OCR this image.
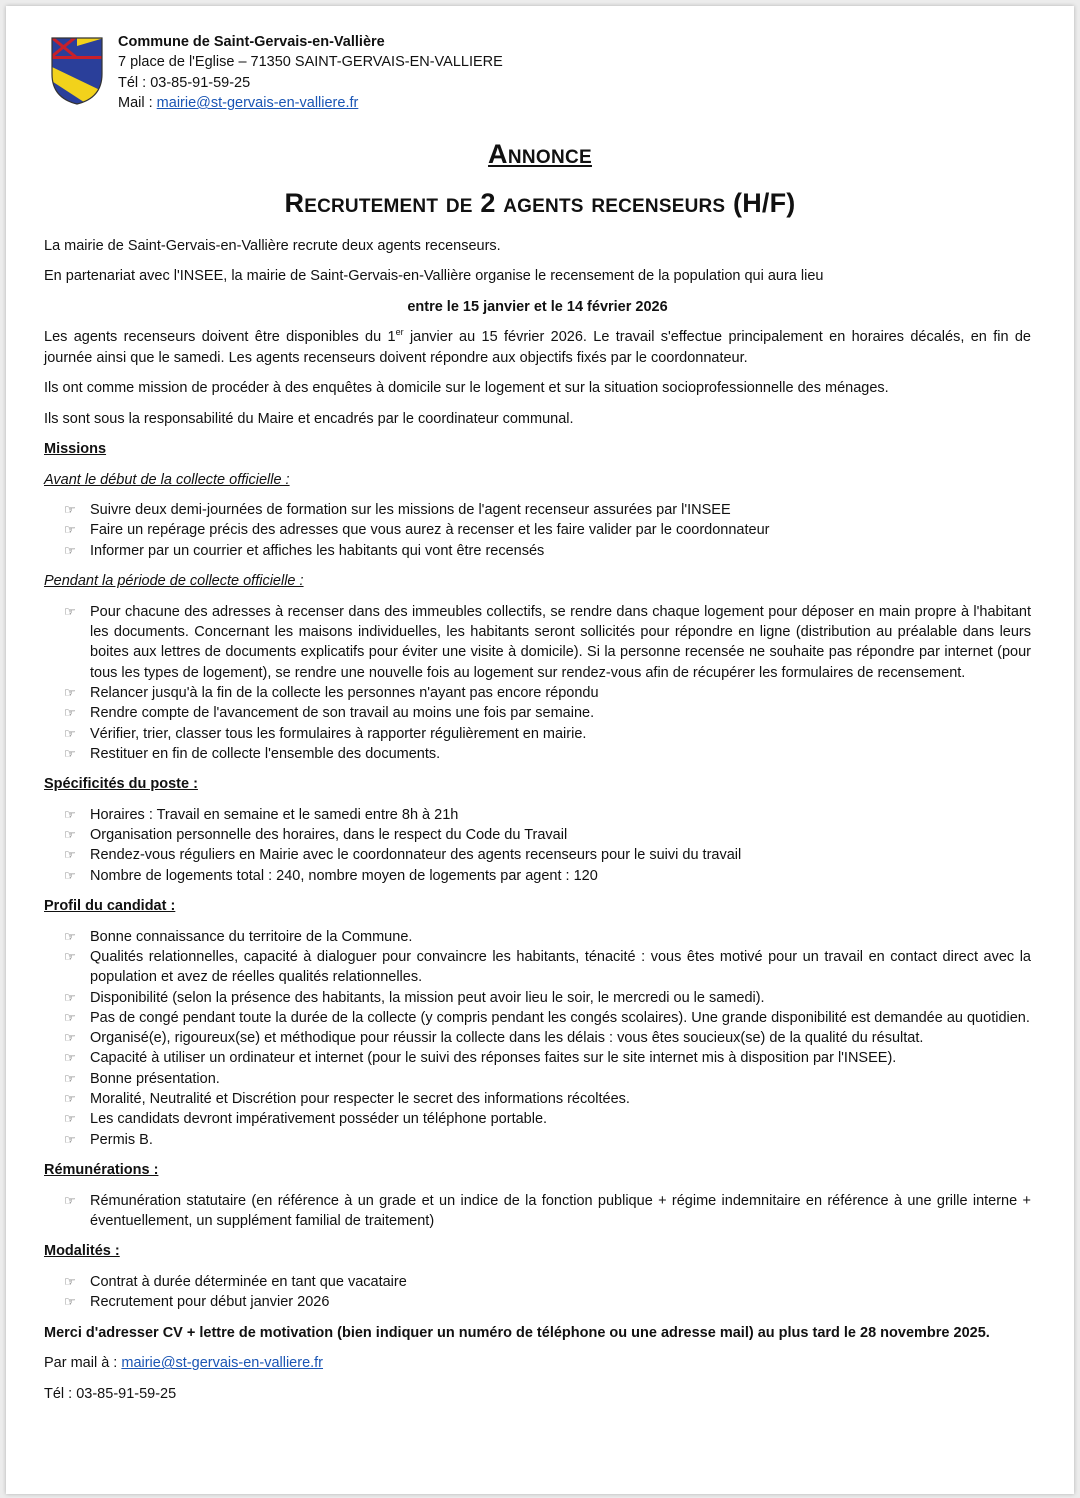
Commune de Saint-Gervais-en-Vallière
7 place de l'Eglise – 71350 SAINT-GERVAIS-EN-VALLIERE
Tél : 03-85-91-59-25
Mail : mairie@st-gervais-en-valliere.fr
Annonce
Recrutement de 2 agents recenseurs (H/F)

La mairie de Saint-Gervais-en-Vallière recrute deux agents recenseurs.

En partenariat avec l'INSEE, la mairie de Saint-Gervais-en-Vallière organise le recensement de la population qui aura lieu

entre le 15 janvier et le 14 février 2026

Les agents recenseurs doivent être disponibles du 1er janvier au 15 février 2026. Le travail s'effectue principalement en horaires décalés, en fin de journée ainsi que le samedi. Les agents recenseurs doivent répondre aux objectifs fixés par le coordonnateur.

Ils ont comme mission de procéder à des enquêtes à domicile sur le logement et sur la situation socioprofessionnelle des ménages.

Ils sont sous la responsabilité du Maire et encadrés par le coordinateur communal.

Missions
Avant le début de la collecte officielle :
☞ Suivre deux demi-journées de formation sur les missions de l'agent recenseur assurées par l'INSEE
☞ Faire un repérage précis des adresses que vous aurez à recenser et les faire valider par le coordonnateur
☞ Informer par un courrier et affiches les habitants qui vont être recensés
Pendant la période de collecte officielle :
☞ Pour chacune des adresses à recenser dans des immeubles collectifs, se rendre dans chaque logement pour déposer en main propre à l'habitant les documents. Concernant les maisons individuelles, les habitants seront sollicités pour répondre en ligne (distribution au préalable dans leurs boites aux lettres de documents explicatifs pour éviter une visite à domicile). Si la personne recensée ne souhaite pas répondre par internet (pour tous les types de logement), se rendre une nouvelle fois au logement sur rendez-vous afin de récupérer les formulaires de recensement.
☞ Relancer jusqu'à la fin de la collecte les personnes n'ayant pas encore répondu
☞ Rendre compte de l'avancement de son travail au moins une fois par semaine.
☞ Vérifier, trier, classer tous les formulaires à rapporter régulièrement en mairie.
☞ Restituer en fin de collecte l'ensemble des documents.
Spécificités du poste :
☞ Horaires : Travail en semaine et le samedi entre 8h à 21h
☞ Organisation personnelle des horaires, dans le respect du Code du Travail
☞ Rendez-vous réguliers en Mairie avec le coordonnateur des agents recenseurs pour le suivi du travail
☞ Nombre de logements total : 240, nombre moyen de logements par agent : 120
Profil du candidat :
☞ Bonne connaissance du territoire de la Commune.
☞ Qualités relationnelles, capacité à dialoguer pour convaincre les habitants, ténacité : vous êtes motivé pour un travail en contact direct avec la population et avez de réelles qualités relationnelles.
☞ Disponibilité (selon la présence des habitants, la mission peut avoir lieu le soir, le mercredi ou le samedi).
☞ Pas de congé pendant toute la durée de la collecte (y compris pendant les congés scolaires). Une grande disponibilité est demandée au quotidien.
☞ Organisé(e), rigoureux(se) et méthodique pour réussir la collecte dans les délais : vous êtes soucieux(se) de la qualité du résultat.
☞ Capacité à utiliser un ordinateur et internet (pour le suivi des réponses faites sur le site internet mis à disposition par l'INSEE).
☞ Bonne présentation.
☞ Moralité, Neutralité et Discrétion pour respecter le secret des informations récoltées.
☞ Les candidats devront impérativement posséder un téléphone portable.
☞ Permis B.
Rémunérations :
☞ Rémunération statutaire (en référence à un grade et un indice de la fonction publique + régime indemnitaire en référence à une grille interne + éventuellement, un supplément familial de traitement)
Modalités :
☞ Contrat à durée déterminée en tant que vacataire
☞ Recrutement pour début janvier 2026

Merci d'adresser CV + lettre de motivation (bien indiquer un numéro de téléphone ou une adresse mail) au plus tard le 28 novembre 2025.

Par mail à : mairie@st-gervais-en-valliere.fr

Tél : 03-85-91-59-25
